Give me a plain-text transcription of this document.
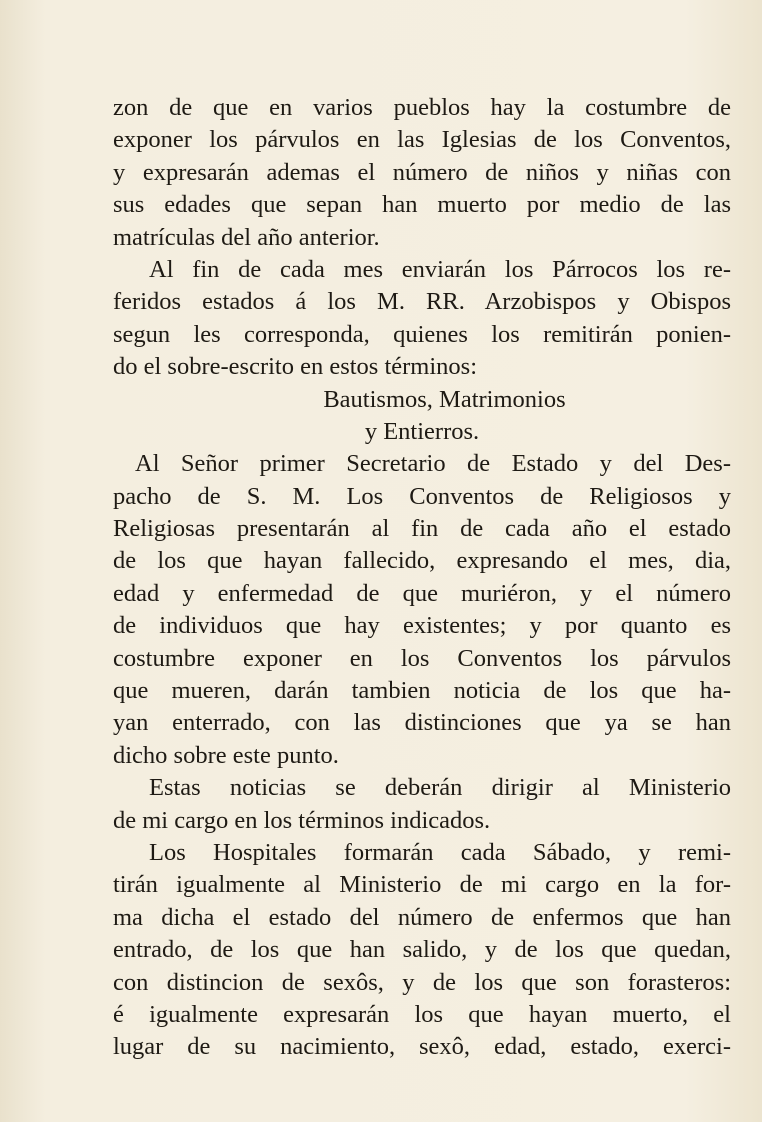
zon de que en varios pueblos hay la costumbre de
exponer los párvulos en las Iglesias de los Conventos,
y expresarán ademas el número de niños y niñas con
sus edades que sepan han muerto por medio de las
matrículas del año anterior.
Al fin de cada mes enviarán los Párrocos los re-
feridos estados á los M. RR. Arzobispos y Obispos
segun les corresponda, quienes los remitirán ponien-
do el sobre-escrito en estos términos:
Bautismos, Matrimonios
y Entierros.
Al Señor primer Secretario de Estado y del Des-
pacho de S. M. Los Conventos de Religiosos y
Religiosas presentarán al fin de cada año el estado
de los que hayan fallecido, expresando el mes, dia,
edad y enfermedad de que muriéron, y el número
de individuos que hay existentes; y por quanto es
costumbre exponer en los Conventos los párvulos
que mueren, darán tambien noticia de los que ha-
yan enterrado, con las distinciones que ya se han
dicho sobre este punto.
Estas noticias se deberán dirigir al Ministerio
de mi cargo en los términos indicados.
Los Hospitales formarán cada Sábado, y remi-
tirán igualmente al Ministerio de mi cargo en la for-
ma dicha el estado del número de enfermos que han
entrado, de los que han salido, y de los que quedan,
con distincion de sexôs, y de los que son forasteros:
é igualmente expresarán los que hayan muerto, el
lugar de su nacimiento, sexô, edad, estado, exerci-
